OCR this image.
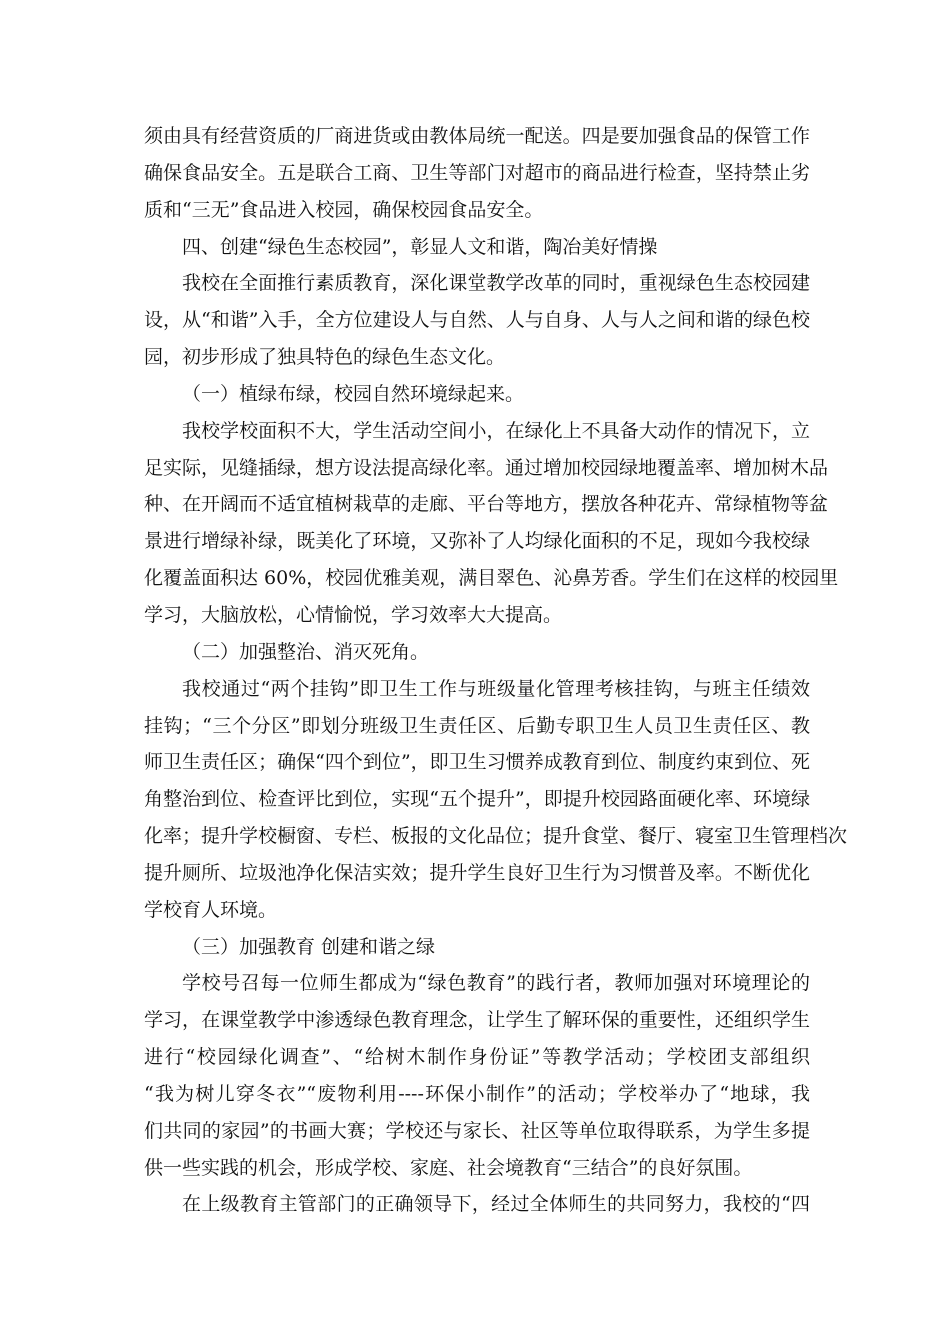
须由具有经营资质的厂商进货或由教体局统一配送。四是要加强食品的保管工作
确保食品安全。五是联合工商、卫生等部门对超市的商品进行检查，坚持禁止劣
质和“三无”食品进入校园，确保校园食品安全。
四、创建“绿色生态校园”，彰显人文和谐，陶冶美好情操
我校在全面推行素质教育，深化课堂教学改革的同时，重视绿色生态校园建
设，从“和谐”入手，全方位建设人与自然、人与自身、人与人之间和谐的绿色校
园，初步形成了独具特色的绿色生态文化。
（一）植绿布绿，校园自然环境绿起来。
我校学校面积不大，学生活动空间小，在绿化上不具备大动作的情况下，立
足实际，见缝插绿，想方设法提高绿化率。通过增加校园绿地覆盖率、增加树木品
种、在开阔而不适宜植树栽草的走廊、平台等地方，摆放各种花卉、常绿植物等盆
景进行增绿补绿，既美化了环境，又弥补了人均绿化面积的不足，现如今我校绿
化覆盖面积达 60%，校园优雅美观，满目翠色、沁鼻芳香。学生们在这样的校园里
学习，大脑放松，心情愉悦，学习效率大大提高。
（二）加强整治、消灭死角。
我校通过“两个挂钩”即卫生工作与班级量化管理考核挂钩，与班主任绩效
挂钩；“三个分区”即划分班级卫生责任区、后勤专职卫生人员卫生责任区、教
师卫生责任区；确保“四个到位”，即卫生习惯养成教育到位、制度约束到位、死
角整治到位、检查评比到位，实现“五个提升”，即提升校园路面硬化率、环境绿
化率；提升学校橱窗、专栏、板报的文化品位；提升食堂、餐厅、寝室卫生管理档次
提升厕所、垃圾池净化保洁实效；提升学生良好卫生行为习惯普及率。不断优化
学校育人环境。
（三）加强教育 创建和谐之绿
学校号召每一位师生都成为“绿色教育”的践行者，教师加强对环境理论的
学习，在课堂教学中渗透绿色教育理念，让学生了解环保的重要性，还组织学生
进行“校园绿化调查”、“给树木制作身份证”等教学活动；学校团支部组织
“我为树儿穿冬衣”“废物利用----环保小制作”的活动；学校举办了“地球，我
们共同的家园”的书画大赛；学校还与家长、社区等单位取得联系，为学生多提
供一些实践的机会，形成学校、家庭、社会境教育“三结合”的良好氛围。
在上级教育主管部门的正确领导下，经过全体师生的共同努力，我校的“四
